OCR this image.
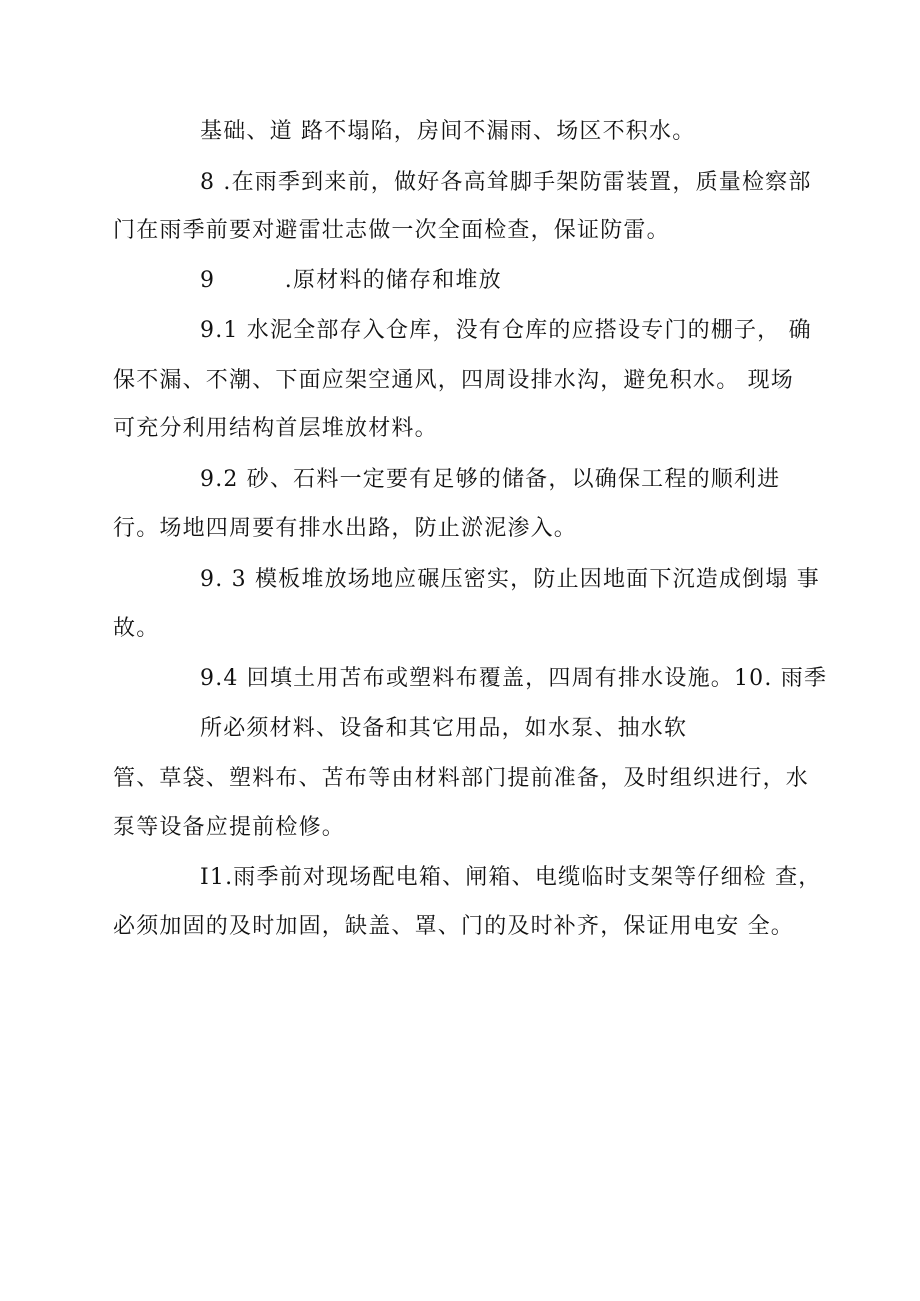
基础、道 路不塌陷，房间不漏雨、场区不积水。
8 .在雨季到来前，做好各高耸脚手架防雷装置，质量检察部
门在雨季前要对避雷壮志做一次全面检查，保证防雷。
9　　　.原材料的储存和堆放
9.1 水泥全部存入仓库，没有仓库的应搭设专门的棚子， 确
保不漏、不潮、下面应架空通风，四周设排水沟，避免积水。 现场
可充分利用结构首层堆放材料。
9.2 砂、石料一定要有足够的储备，以确保工程的顺利进
行。场地四周要有排水出路，防止淤泥渗入。
9. 3 模板堆放场地应碾压密实，防止因地面下沉造成倒塌 事
故。
9.4 回填土用苫布或塑料布覆盖，四周有排水设施。10. 雨季
所必须材料、设备和其它用品，如水泵、抽水软
管、草袋、塑料布、苫布等由材料部门提前准备，及时组织进行，水
泵等设备应提前检修。
I1.雨季前对现场配电箱、闸箱、电缆临时支架等仔细检 查，
必须加固的及时加固，缺盖、罩、门的及时补齐，保证用电安 全。
